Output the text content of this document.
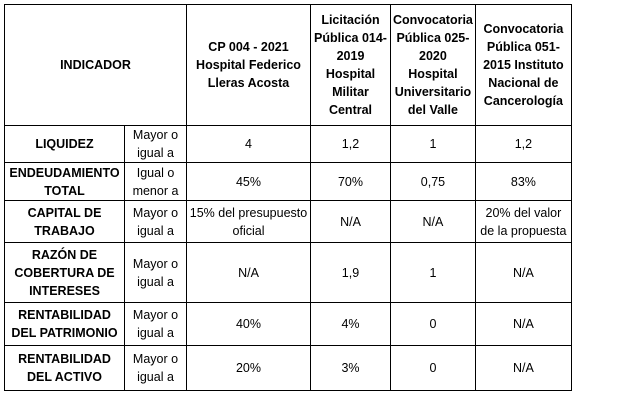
INDICADOR		CP 004 - 2021 Hospital Federico Lleras Acosta	Licitación Pública 014-2019 Hospital Militar Central	Convocatoria Pública 025-2020 Hospital Universitario del Valle	Convocatoria Pública 051-2015 Instituto Nacional de Cancerología
LIQUIDEZ	Mayor o igual a	4	1,2	1	1,2
ENDEUDAMIENTO TOTAL	Igual o menor a	45%	70%	0,75	83%
CAPITAL DE TRABAJO	Mayor o igual a	15% del presupuesto oficial	N/A	N/A	20% del valor de la propuesta
RAZÓN DE COBERTURA DE INTERESES	Mayor o igual a	N/A	1,9	1	N/A
RENTABILIDAD DEL PATRIMONIO	Mayor o igual a	40%	4%	0	N/A
RENTABILIDAD DEL ACTIVO	Mayor o igual a	20%	3%	0	N/A
